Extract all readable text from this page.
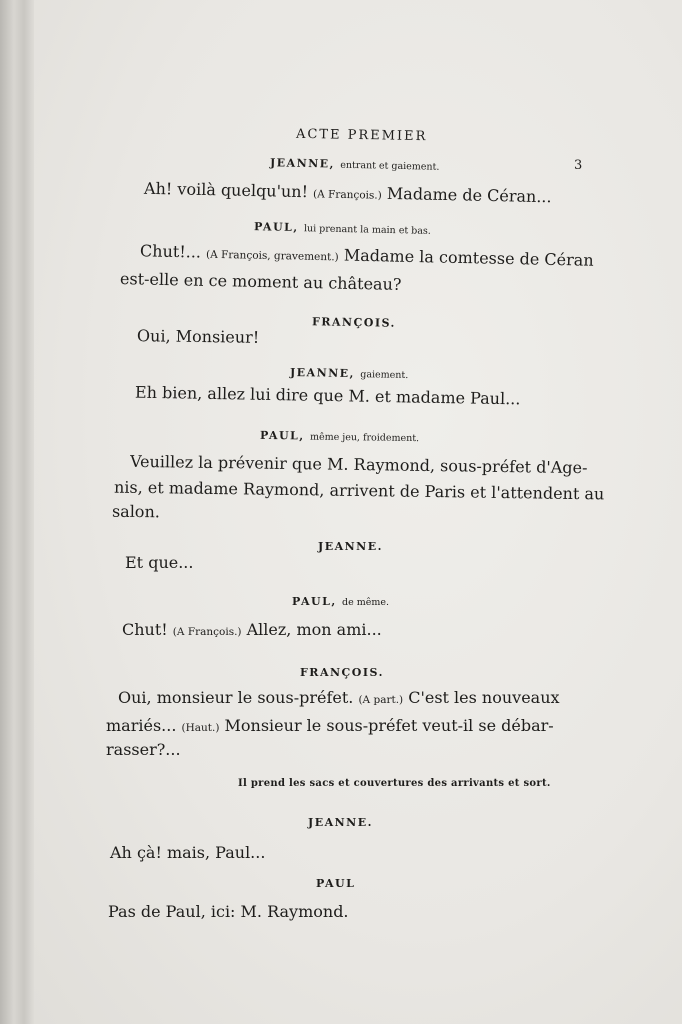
ACTE PREMIER
3
JEANNE, entrant et gaiement.
Ah! voilà quelqu'un! (A François.) Madame de Céran...
PAUL, lui prenant la main et bas.
Chut!... (A François, gravement.) Madame la comtesse de Céran
est-elle en ce moment au château?
FRANÇOIS.
Oui, Monsieur!
JEANNE, gaiement.
Eh bien, allez lui dire que M. et madame Paul...
PAUL, même jeu, froidement.
Veuillez la prévenir que M. Raymond, sous-préfet d'Age-
nis, et madame Raymond, arrivent de Paris et l'attendent au
salon.
JEANNE.
Et que...
PAUL, de même.
Chut! (A François.) Allez, mon ami...
FRANÇOIS.
Oui, monsieur le sous-préfet. (A part.) C'est les nouveaux
mariés... (Haut.) Monsieur le sous-préfet veut-il se débar-
rasser?...
Il prend les sacs et couvertures des arrivants et sort.
JEANNE.
Ah çà! mais, Paul...
PAUL
Pas de Paul, ici: M. Raymond.
